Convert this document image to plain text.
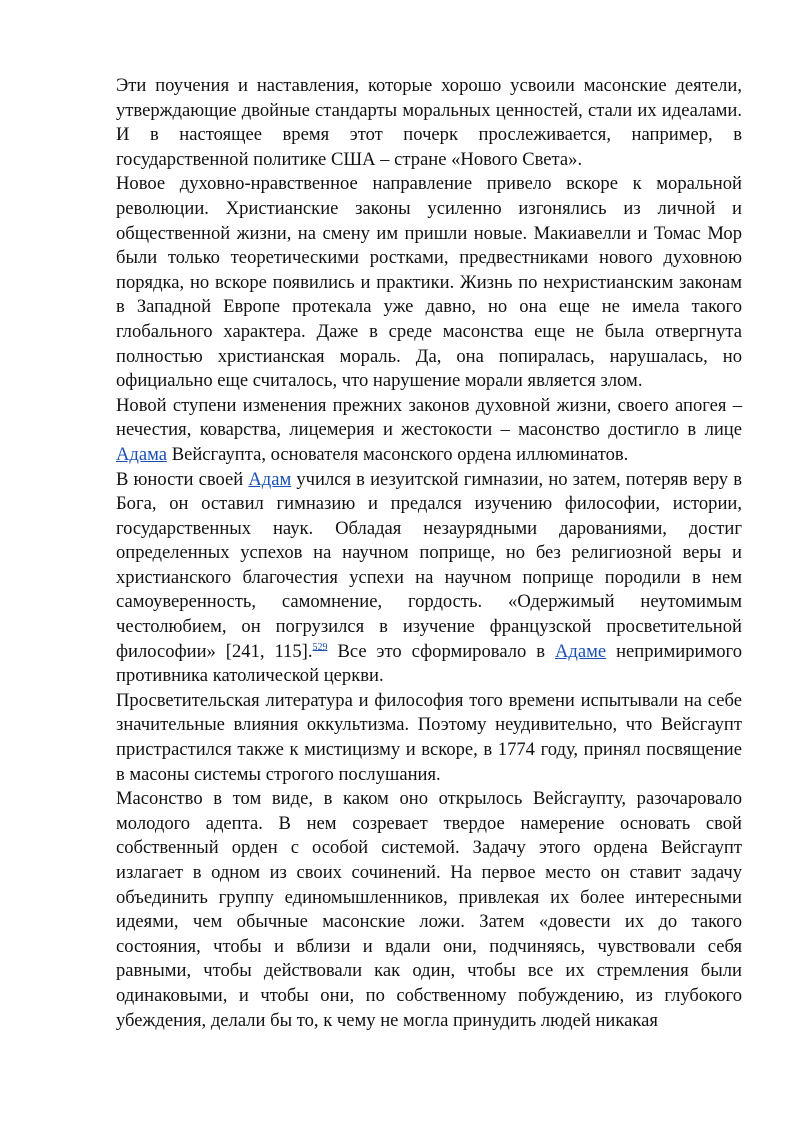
Эти поучения и наставления, которые хорошо усвоили масонские деятели, утверждающие двойные стандарты моральных ценностей, стали их идеалами. И в настоящее время этот почерк прослеживается, например, в государственной политике США – стране «Нового Света».

Новое духовно-нравственное направление привело вскоре к моральной революции. Христианские законы усиленно изгонялись из личной и общественной жизни, на смену им пришли новые. Макиавелли и Томас Мор были только теоретическими ростками, предвестниками нового духовною порядка, но вскоре появились и практики. Жизнь по нехристианским законам в Западной Европе протекала уже давно, но она еще не имела такого глобального характера. Даже в среде масонства еще не была отвергнута полностью христианская мораль. Да, она попиралась, нарушалась, но официально еще считалось, что нарушение морали является злом.

Новой ступени изменения прежних законов духовной жизни, своего апогея – нечестия, коварства, лицемерия и жестокости – масонство достигло в лице Адама Вейсгаупта, основателя масонского ордена иллюминатов.

В юности своей Адам учился в иезуитской гимназии, но затем, потеряв веру в Бога, он оставил гимназию и предался изучению философии, истории, государственных наук. Обладая незаурядными дарованиями, достиг определенных успехов на научном поприще, но без религиозной веры и христианского благочестия успехи на научном поприще породили в нем самоуверенность, самомнение, гордость. «Одержимый неутомимым честолюбием, он погрузился в изучение французской просветительной философии» [241, 115].$^{529}$ Все это сформировало в Адаме непримиримого противника католической церкви.

Просветительская литература и философия того времени испытывали на себе значительные влияния оккультизма. Поэтому неудивительно, что Вейсгаупт пристрастился также к мистицизму и вскоре, в 1774 году, принял посвящение в масоны системы строгого послушания.

Масонство в том виде, в каком оно открылось Вейсгаупту, разочаровало молодого адепта. В нем созревает твердое намерение основать свой собственный орден с особой системой. Задачу этого ордена Вейсгаупт излагает в одном из своих сочинений. На первое место он ставит задачу объединить группу единомышленников, привлекая их более интересными идеями, чем обычные масонские ложи. Затем «довести их до такого состояния, чтобы и вблизи и вдали они, подчиняясь, чувствовали себя равными, чтобы действовали как один, чтобы все их стремления были одинаковыми, и чтобы они, по собственному побуждению, из глубокого убеждения, делали бы то, к чему не могла принудить людей никакая
